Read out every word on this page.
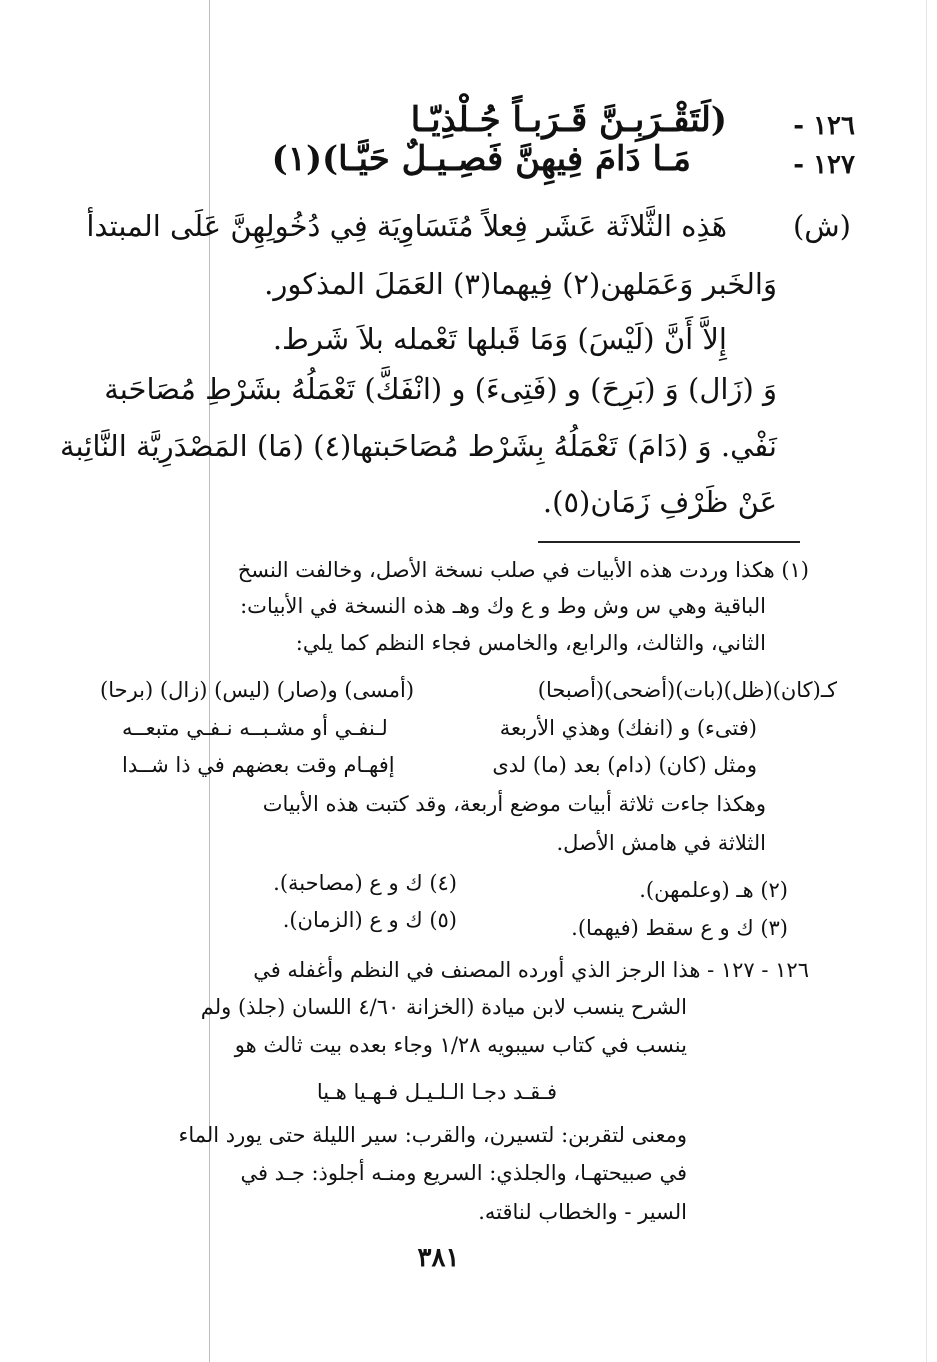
١٢٦ -
(لَتَقْـرَبِـنَّ قَـرَبـاً جُـلْذِيّـا
١٢٧ -
مَـا دَامَ فِيهِنَّ فَصِـيـلٌ حَيَّـا)(١)
(ش)
هَذِه الثَّلاثَة عَشَر فِعلاً مُتَسَاوِيَة فِي دُخُولِهِنَّ عَلَى المبتدأ
وَالخَبر وَعَمَلهن(٢) فِيهما(٣) العَمَلَ المذكور.
إِلاَّ أَنَّ (لَيْسَ) وَمَا قَبلها تَعْمله بلاَ شَرط.
وَ (زَال) وَ (بَرِحَ) و (فَتِىءَ) و (انْفَكَّ) تَعْمَلُهُ بشَرْطِ مُصَاحَبة
نَفْي. وَ (دَامَ) تَعْمَلُهُ بِشَرْط مُصَاحَبتها(٤) (مَا) المَصْدَرِيَّة النَّائِبة
عَنْ ظَرْفِ زَمَان(٥).
(١) هكذا وردت هذه الأبيات في صلب نسخة الأصل، وخالفت النسخ
الباقية وهي س وش وط و ع وك وهـ هذه النسخة في الأبيات:
الثاني، والثالث، والرابع، والخامس فجاء النظم كما يلي:
كـ(كان)(ظل)(بات)(أضحى)(أصبحا)
(أمسى) و(صار) (ليس) (زال) (برحا)
(فتىء) و (انفك) وهذي الأربعة
لـنفـي أو مشـبــه نـفـي متبعــه
ومثل (كان) (دام) بعد (ما) لدى
إفهـام وقت بعضهم في ذا شــدا
وهكذا جاءت ثلاثة أبيات موضع أربعة، وقد كتبت هذه الأبيات
الثلاثة في هامش الأصل.
(٢) هـ (وعلمهن).
(٣) ك و ع سقط (فيهما).
(٤) ك و ع (مصاحبة).
(٥) ك و ع (الزمان).
١٢٦ - ١٢٧ - هذا الرجز الذي أورده المصنف في النظم وأغفله في
الشرح ينسب لابن ميادة (الخزانة ٤/٦٠ اللسان (جلذ) ولم
ينسب في كتاب سيبويه ١/٢٨ وجاء بعده بيت ثالث هو
فـقـد دجـا الـلـيـل فـهـيا هـيا
ومعنى لتقربن: لتسيرن، والقرب: سير الليلة حتى يورد الماء
في صبيحتهـا، والجلذي: السريع ومنـه أجلوذ: جـد في
السير - والخطاب لناقته.
٣٨١
